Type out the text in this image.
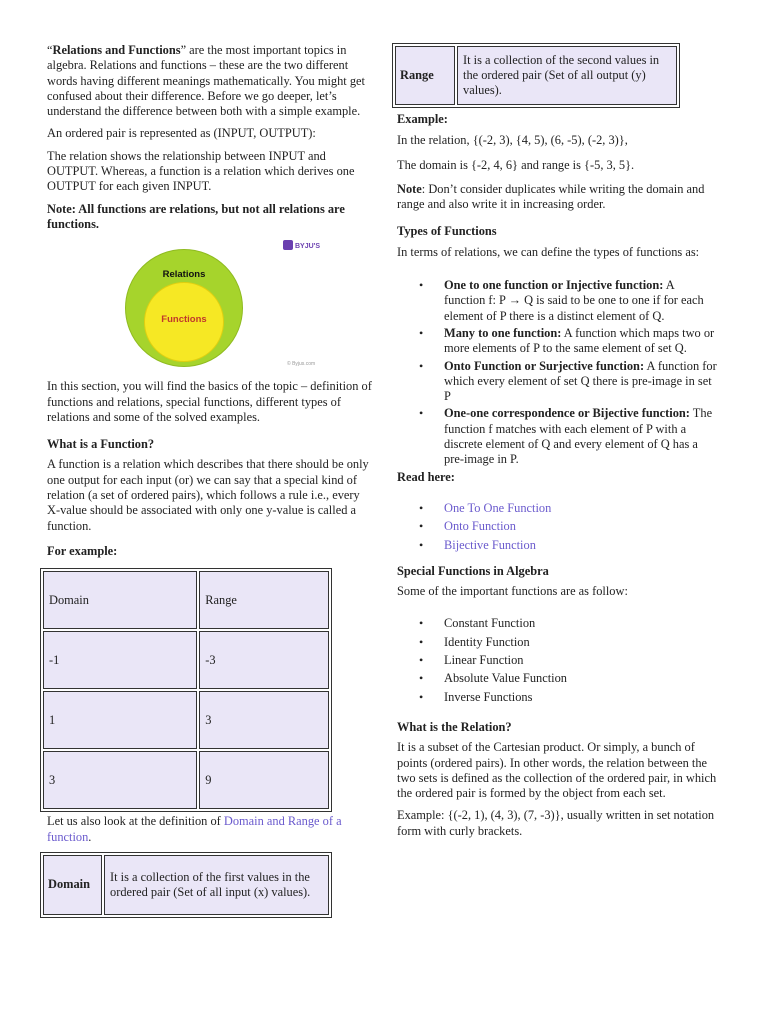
“Relations and Functions” are the most important topics in algebra. Relations and functions – these are the two different words having different meanings mathematically. You might get confused about their difference. Before we go deeper, let’s understand the difference between both with a simple example.

An ordered pair is represented as (INPUT, OUTPUT):

The relation shows the relationship between INPUT and OUTPUT. Whereas, a function is a relation which derives one OUTPUT for each given INPUT.

Note: All functions are relations, but not all relations are functions.

BYJU'S
Relations
Functions
© Byjus.com

In this section, you will find the basics of the topic – definition of functions and relations, special functions, different types of relations and some of the solved examples.

What is a Function?

A function is a relation which describes that there should be only one output for each input (or) we can say that a special kind of relation (a set of ordered pairs), which follows a rule i.e., every X-value should be associated with only one y-value is called a function.

For example:

Domain	Range
-1	-3
1	3
3	9

Let us also look at the definition of Domain and Range of a function.

Domain	It is a collection of the first values in the ordered pair (Set of all input (x) values).
Range	It is a collection of the second values in the ordered pair (Set of all output (y) values).

Example:

In the relation, {(-2, 3), {4, 5), (6, -5), (-2, 3)},

The domain is {-2, 4, 6} and range is {-5, 3, 5}.

Note: Don’t consider duplicates while writing the domain and range and also write it in increasing order.

Types of Functions

In terms of relations, we can define the types of functions as:

• One to one function or Injective function: A function f: P → Q is said to be one to one if for each element of P there is a distinct element of Q.
• Many to one function: A function which maps two or more elements of P to the same element of set Q.
• Onto Function or Surjective function: A function for which every element of set Q there is pre-image in set P
• One-one correspondence or Bijective function: The function f matches with each element of P with a discrete element of Q and every element of Q has a pre-image in P.

Read here:

• One To One Function
• Onto Function
• Bijective Function

Special Functions in Algebra

Some of the important functions are as follow:

• Constant Function
• Identity Function
• Linear Function
• Absolute Value Function
• Inverse Functions

What is the Relation?

It is a subset of the Cartesian product. Or simply, a bunch of points (ordered pairs). In other words, the relation between the two sets is defined as the collection of the ordered pair, in which the ordered pair is formed by the object from each set.

Example: {(-2, 1), (4, 3), (7, -3)}, usually written in set notation form with curly brackets.
